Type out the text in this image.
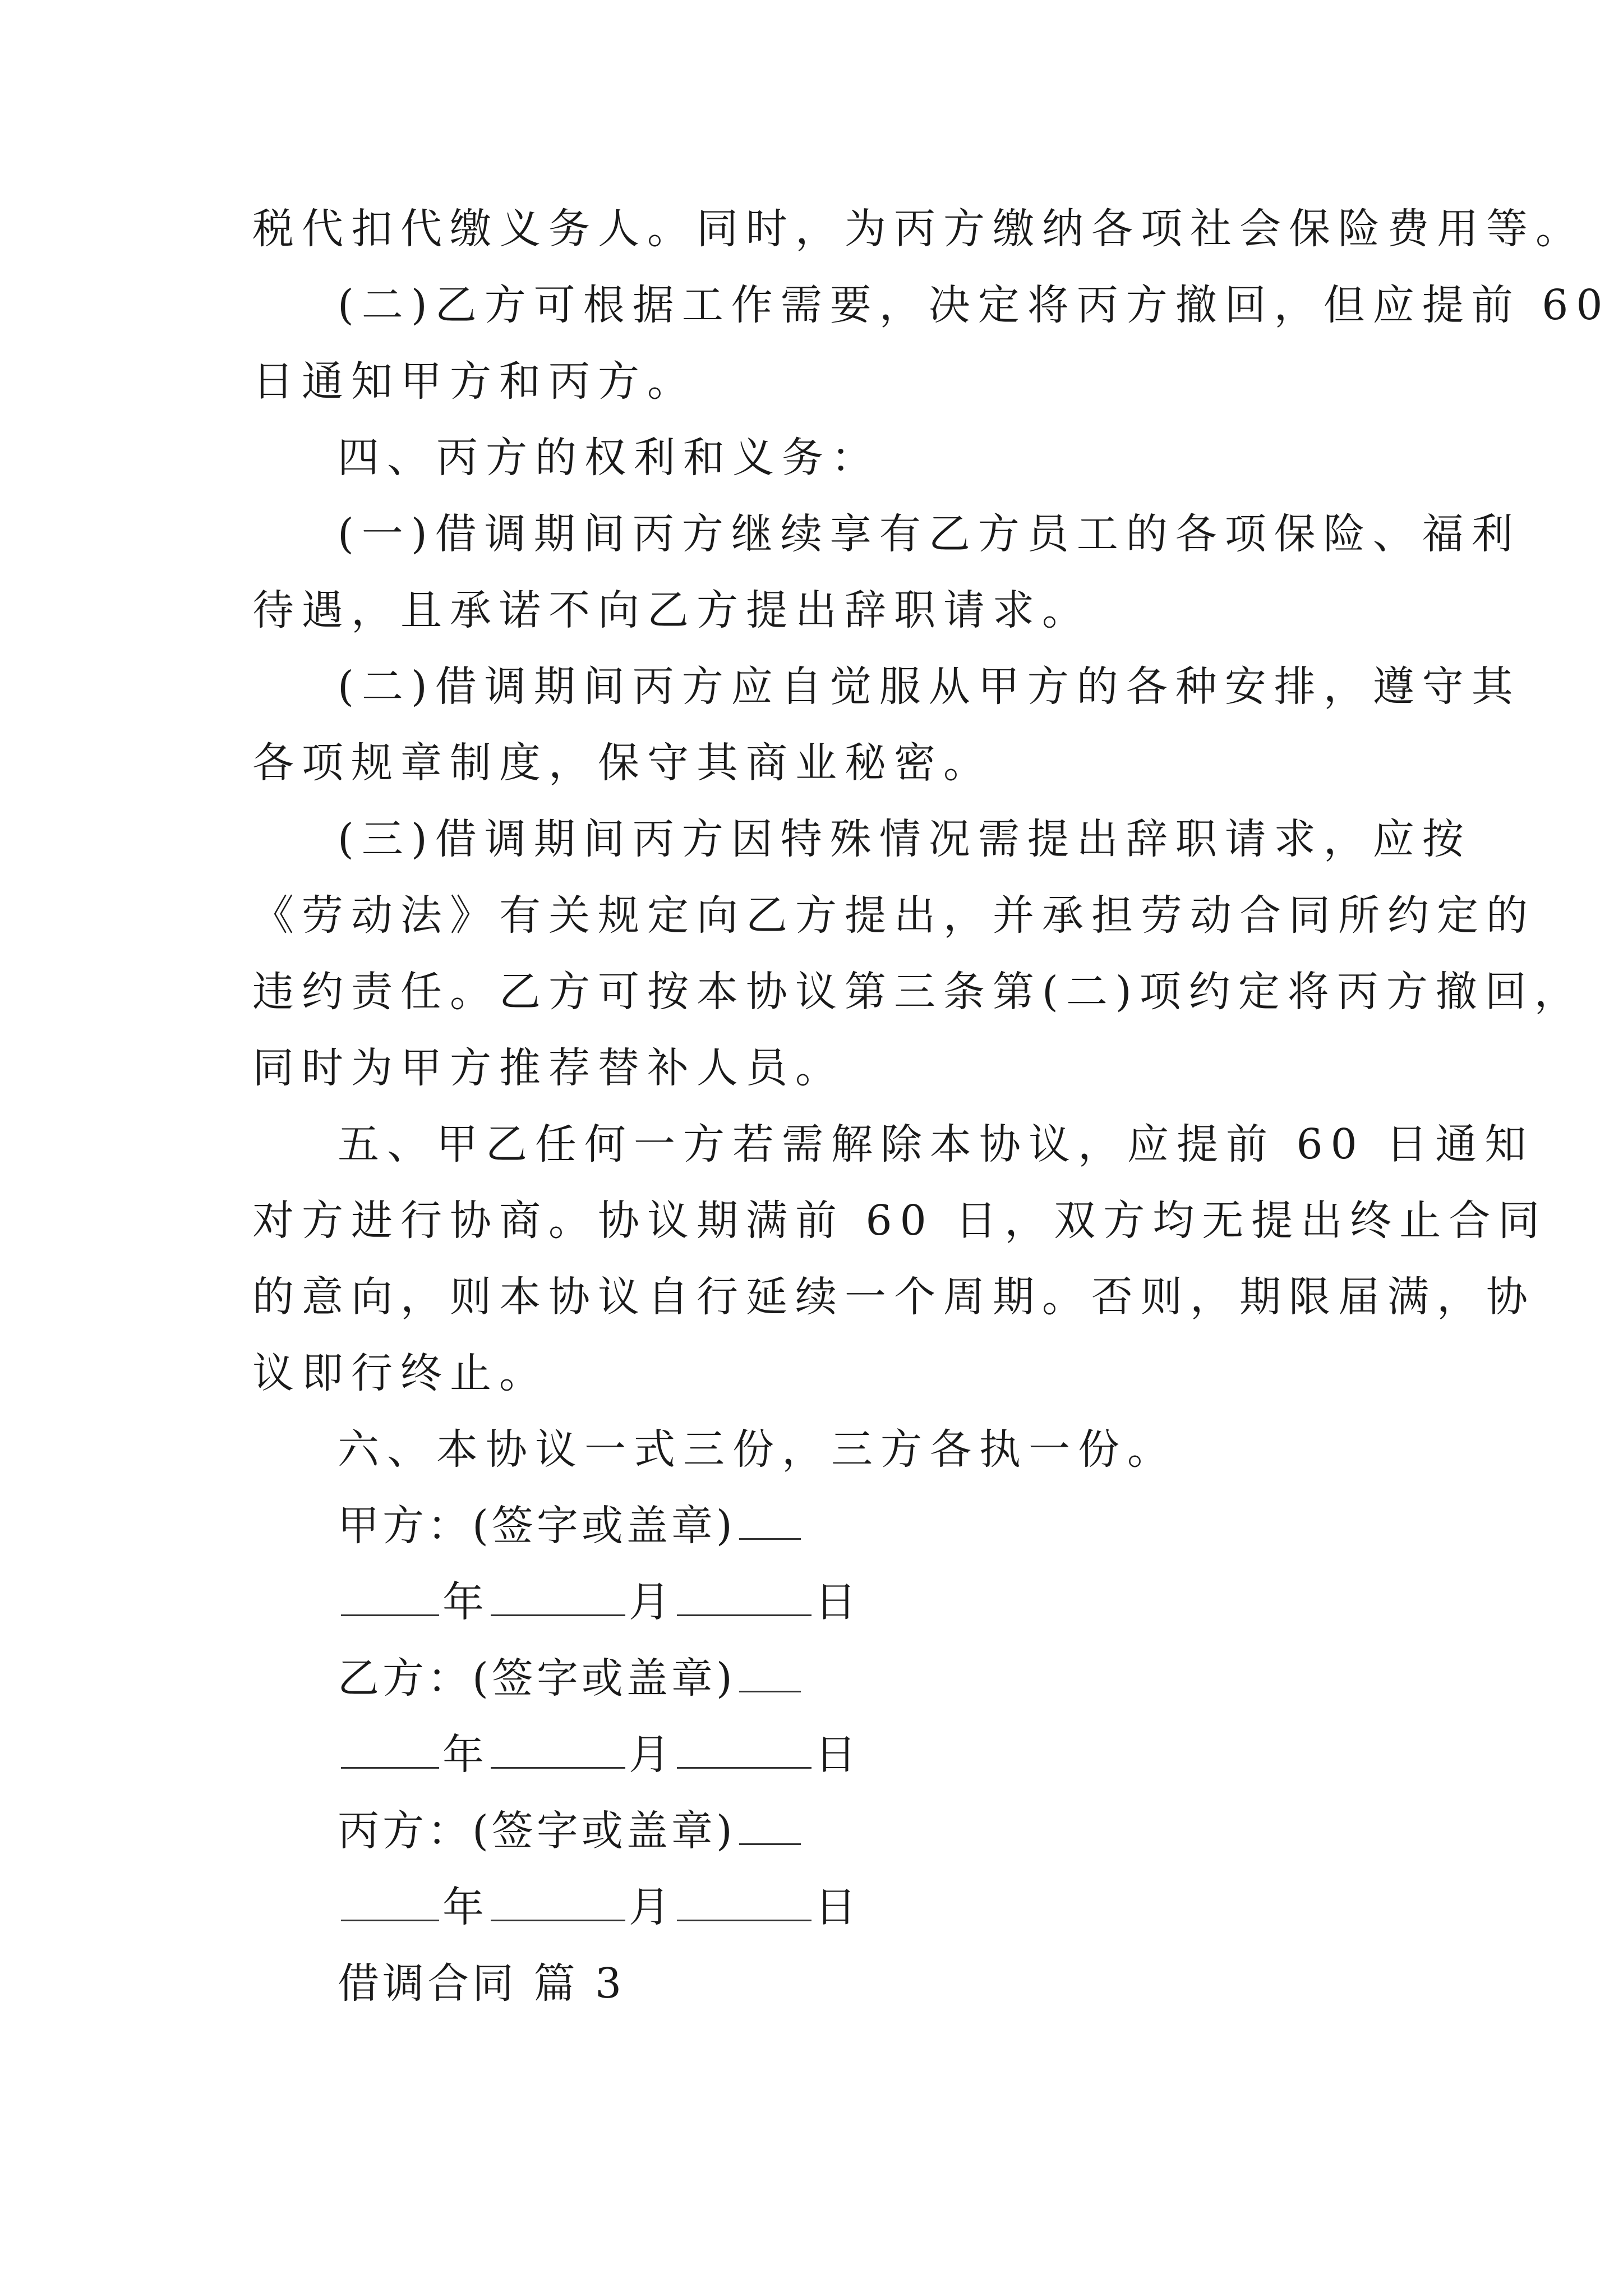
税代扣代缴义务人。同时，为丙方缴纳各项社会保险费用等。
(二)乙方可根据工作需要，决定将丙方撤回，但应提前 60
日通知甲方和丙方。
四、丙方的权利和义务：
(一)借调期间丙方继续享有乙方员工的各项保险、福利
待遇，且承诺不向乙方提出辞职请求。
(二)借调期间丙方应自觉服从甲方的各种安排，遵守其
各项规章制度，保守其商业秘密。
(三)借调期间丙方因特殊情况需提出辞职请求，应按
《劳动法》有关规定向乙方提出，并承担劳动合同所约定的
违约责任。乙方可按本协议第三条第(二)项约定将丙方撤回，
同时为甲方推荐替补人员。
五、甲乙任何一方若需解除本协议，应提前 60 日通知
对方进行协商。协议期满前 60 日，双方均无提出终止合同
的意向，则本协议自行延续一个周期。否则，期限届满，协
议即行终止。
六、本协议一式三份，三方各执一份。
甲方：(签字或盖章)
年	月	日
乙方：(签字或盖章)
年	月	日
丙方：(签字或盖章)
年	月	日
借调合同 篇 3
